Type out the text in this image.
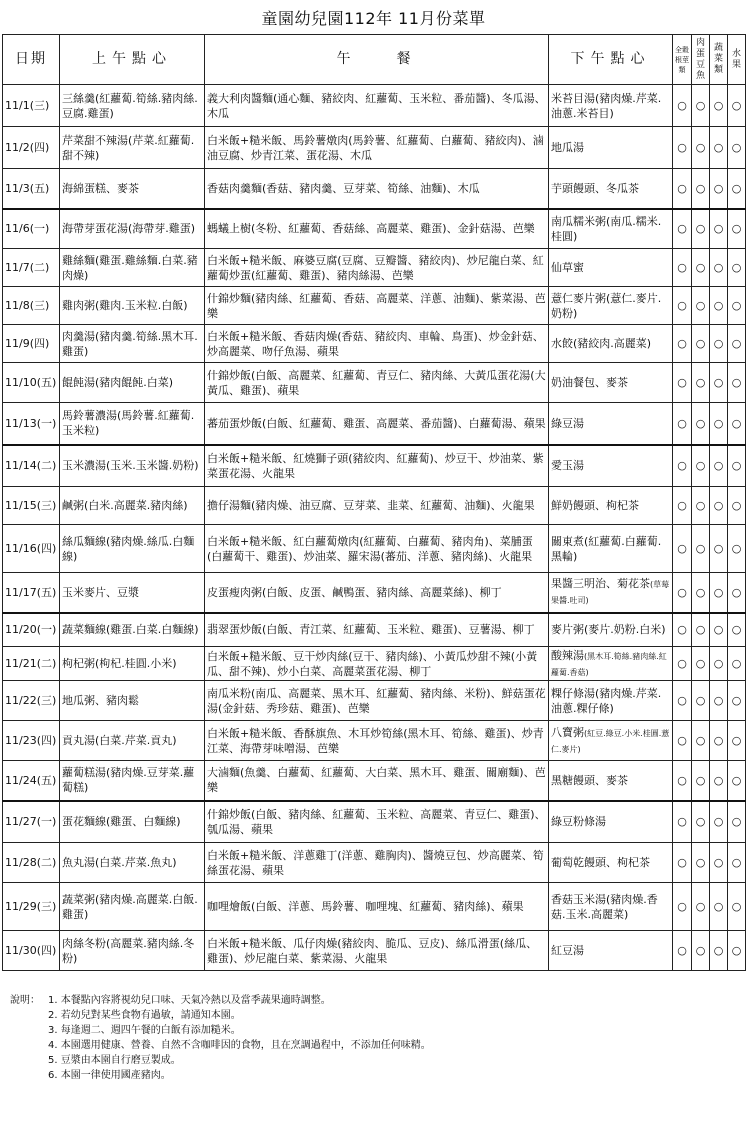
童園幼兒園112年 11月份菜單
日期	上午點心	午　　餐	下午點心	全穀根莖類	肉蛋豆魚	蔬菜類	水果
11/1(三)	三絲羹(紅蘿蔔.筍絲.豬肉絲.豆腐.雞蛋)	義大利肉醬麵(通心麵、豬絞肉、紅蘿蔔、玉米粒、番茄醬)、冬瓜湯、木瓜	米苔目湯(豬肉燥.芹菜.油蔥.米苔目)	○	○	○	○
11/2(四)	芹菜甜不辣湯(芹菜.紅蘿蔔.甜不辣)	白米飯+糙米飯、馬鈴薯燉肉(馬鈴薯、紅蘿蔔、白蘿蔔、豬絞肉)、滷油豆腐、炒青江菜、蛋花湯、木瓜	地瓜湯	○	○	○	○
11/3(五)	海綿蛋糕、麥茶	香菇肉羹麵(香菇、豬肉羹、豆芽菜、筍絲、油麵)、木瓜	芋頭饅頭、冬瓜茶	○	○	○	○
11/6(一)	海帶芽蛋花湯(海帶芽.雞蛋)	螞蟻上樹(冬粉、紅蘿蔔、香菇絲、高麗菜、雞蛋)、金針菇湯、芭樂	南瓜糯米粥(南瓜.糯米.桂圓)	○	○	○	○
11/7(二)	雞絲麵(雞蛋.雞絲麵.白菜.豬肉燥)	白米飯+糙米飯、麻婆豆腐(豆腐、豆瓣醬、豬絞肉)、炒尼龍白菜、紅蘿蔔炒蛋(紅蘿蔔、雞蛋)、豬肉絲湯、芭樂	仙草蜜	○	○	○	○
11/8(三)	雞肉粥(雞肉.玉米粒.白飯)	什錦炒麵(豬肉絲、紅蘿蔔、香菇、高麗菜、洋蔥、油麵)、紫菜湯、芭樂	薏仁麥片粥(薏仁.麥片.奶粉)	○	○	○	○
11/9(四)	肉羹湯(豬肉羹.筍絲.黑木耳.雞蛋)	白米飯+糙米飯、香菇肉燥(香菇、豬絞肉、車輪、鳥蛋)、炒金針菇、炒高麗菜、吻仔魚湯、蘋果	水餃(豬絞肉.高麗菜)	○	○	○	○
11/10(五)	餛飩湯(豬肉餛飩.白菜)	什錦炒飯(白飯、高麗菜、紅蘿蔔、青豆仁、豬肉絲、大黃瓜蛋花湯(大黃瓜、雞蛋)、蘋果	奶油餐包、麥茶	○	○	○	○
11/13(一)	馬鈴薯濃湯(馬鈴薯.紅蘿蔔.玉米粒)	蕃茄蛋炒飯(白飯、紅蘿蔔、雞蛋、高麗菜、番茄醬)、白蘿蔔湯、蘋果	綠豆湯	○	○	○	○
11/14(二)	玉米濃湯(玉米.玉米醬.奶粉)	白米飯+糙米飯、紅燒獅子頭(豬絞肉、紅蘿蔔)、炒豆干、炒油菜、紫菜蛋花湯、火龍果	愛玉湯	○	○	○	○
11/15(三)	鹹粥(白米.高麗菜.豬肉絲)	擔仔湯麵(豬肉燥、油豆腐、豆芽菜、韭菜、紅蘿蔔、油麵)、火龍果	鮮奶饅頭、枸杞茶	○	○	○	○
11/16(四)	絲瓜麵線(豬肉燥.絲瓜.白麵線)	白米飯+糙米飯、紅白蘿蔔燉肉(紅蘿蔔、白蘿蔔、豬肉角)、菜脯蛋(白蘿蔔干、雞蛋)、炒油菜、羅宋湯(蕃茄、洋蔥、豬肉絲)、火龍果	關東煮(紅蘿蔔.白蘿蔔.黑輪)	○	○	○	○
11/17(五)	玉米麥片、豆漿	皮蛋瘦肉粥(白飯、皮蛋、鹹鴨蛋、豬肉絲、高麗菜絲)、柳丁	果醬三明治、菊花茶(草莓果醬.吐司)	○	○	○	○
11/20(一)	蔬菜麵線(雞蛋.白菜.白麵線)	翡翠蛋炒飯(白飯、青江菜、紅蘿蔔、玉米粒、雞蛋)、豆薯湯、柳丁	麥片粥(麥片.奶粉.白米)	○	○	○	○
11/21(二)	枸杞粥(枸杞.桂圓.小米)	白米飯+糙米飯、豆干炒肉絲(豆干、豬肉絲)、小黃瓜炒甜不辣(小黃瓜、甜不辣)、炒小白菜、高麗菜蛋花湯、柳丁	酸辣湯(黑木耳.筍絲.豬肉絲.紅蘿蔔.香菇)	○	○	○	○
11/22(三)	地瓜粥、豬肉鬆	南瓜米粉(南瓜、高麗菜、黑木耳、紅蘿蔔、豬肉絲、米粉)、鮮菇蛋花湯(金針菇、秀珍菇、雞蛋)、芭樂	粿仔條湯(豬肉燥.芹菜.油蔥.粿仔條)	○	○	○	○
11/23(四)	貢丸湯(白菜.芹菜.貢丸)	白米飯+糙米飯、香酥旗魚、木耳炒筍絲(黑木耳、筍絲、雞蛋)、炒青江菜、海帶芽味噌湯、芭樂	八寶粥(紅豆.綠豆.小米.桂圓.薏仁.麥片)	○	○	○	○
11/24(五)	蘿蔔糕湯(豬肉燥.豆芽菜.蘿蔔糕)	大滷麵(魚羹、白蘿蔔、紅蘿蔔、大白菜、黑木耳、雞蛋、關廟麵)、芭樂	黑糖饅頭、麥茶	○	○	○	○
11/27(一)	蛋花麵線(雞蛋、白麵線)	什錦炒飯(白飯、豬肉絲、紅蘿蔔、玉米粒、高麗菜、青豆仁、雞蛋)、瓠瓜湯、蘋果	綠豆粉條湯	○	○	○	○
11/28(二)	魚丸湯(白菜.芹菜.魚丸)	白米飯+糙米飯、洋蔥雞丁(洋蔥、雞胸肉)、醬燒豆包、炒高麗菜、筍絲蛋花湯、蘋果	葡萄乾饅頭、枸杞茶	○	○	○	○
11/29(三)	蔬菜粥(豬肉燥.高麗菜.白飯.雞蛋)	咖哩燴飯(白飯、洋蔥、馬鈴薯、咖哩塊、紅蘿蔔、豬肉絲)、蘋果	香菇玉米湯(豬肉燥.香菇.玉米.高麗菜)	○	○	○	○
11/30(四)	肉絲冬粉(高麗菜.豬肉絲.冬粉)	白米飯+糙米飯、瓜仔肉燥(豬絞肉、脆瓜、豆皮)、絲瓜滑蛋(絲瓜、雞蛋)、炒尼龍白菜、紫菜湯、火龍果	紅豆湯	○	○	○	○
說明： 1. 本餐點內容將視幼兒口味、天氣冷熱以及當季蔬果適時調整。
2. 若幼兒對某些食物有過敏，請通知本園。
3. 每逢週二、週四午餐的白飯有添加糙米。
4. 本園選用健康、營養、自然不含咖啡因的食物，且在烹調過程中，不添加任何味精。
5. 豆漿由本園自行磨豆製成。
6. 本園一律使用國產豬肉。
